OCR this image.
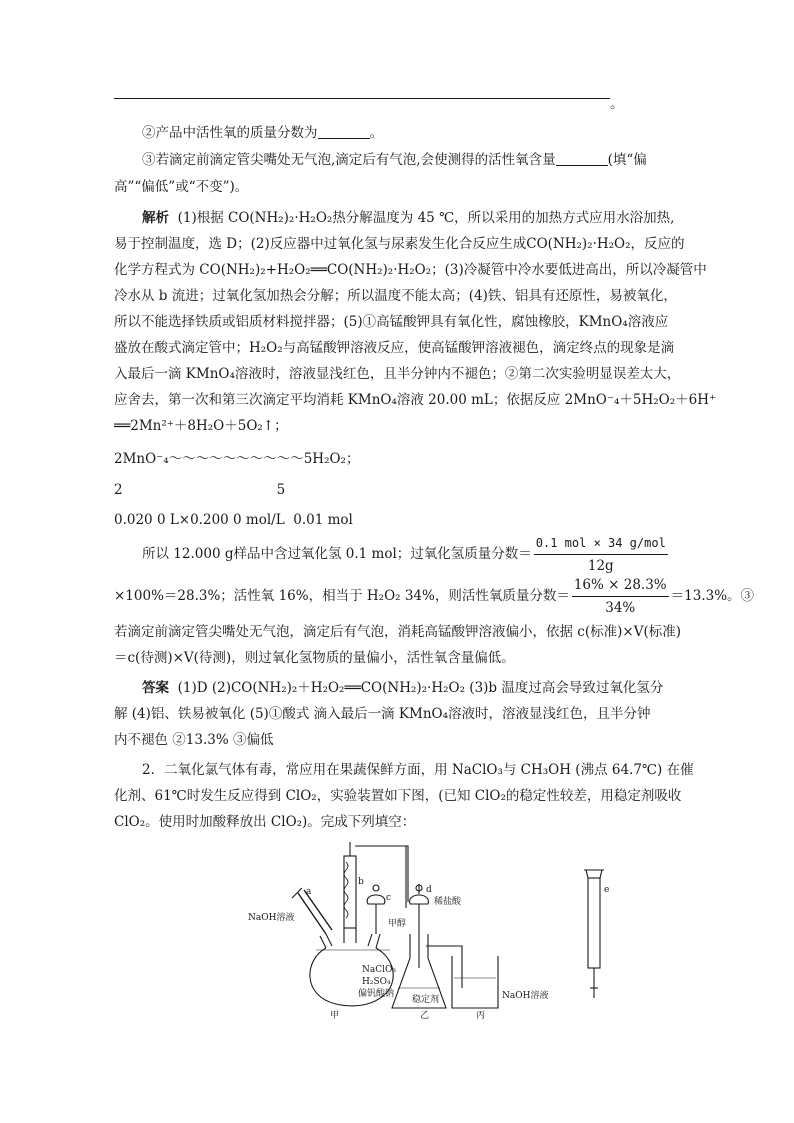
。
②产品中活性氧的质量分数为	。
③若滴定前滴定管尖嘴处无气泡,滴定后有气泡,会使测得的活性氧含量	(填“偏
高”“偏低”或“不变”)。
解析 (1)根据 CO(NH₂)₂·H₂O₂热分解温度为 45 ℃，所以采用的加热方式应用水浴加热,
易于控制温度，选 D；(2)反应器中过氧化氢与尿素发生化合反应生成CO(NH₂)₂·H₂O₂，反应的
化学方程式为 CO(NH₂)₂+H₂O₂══CO(NH₂)₂·H₂O₂；(3)冷凝管中冷水要低进高出，所以冷凝管中
冷水从 b 流进；过氧化氢加热会分解；所以温度不能太高；(4)铁、铝具有还原性，易被氧化，
所以不能选择铁质或铝质材料搅拌器；(5)①高锰酸钾具有氧化性，腐蚀橡胶，KMnO₄溶液应
盛放在酸式滴定管中；H₂O₂与高锰酸钾溶液反应，使高锰酸钾溶液褪色，滴定终点的现象是滴
入最后一滴 KMnO₄溶液时，溶液显浅红色，且半分钟内不褪色；②第二次实验明显误差太大，
应舍去，第一次和第三次滴定平均消耗 KMnO₄溶液 20.00 mL；依据反应 2MnO⁻₄＋5H₂O₂＋6H⁺
══2Mn²⁺＋8H₂O＋5O₂↑；
2MnO⁻₄～～～～～～～～～～5H₂O₂；
2	5
0.020 0 L×0.200 0 mol/L 0.01 mol
所以 12.000 g样品中含过氧化氢 0.1 mol；过氧化氢质量分数＝ $\frac{\text{0.1 mol × 34 g/mol}}{12g}$
×100%＝28.3%；活性氧 16%，相当于 H₂O₂ 34%，则活性氧质量分数＝ $\frac{16\% \times 28.3\%}{34\%} =13.3\%$。③
若滴定前滴定管尖嘴处无气泡，滴定后有气泡，消耗高锰酸钾溶液偏小，依据 c(标准)×V(标准)
＝c(待测)×V(待测)，则过氧化氢物质的量偏小，活性氧含量偏低。
答案 (1)D (2)CO(NH₂)₂＋H₂O₂══CO(NH₂)₂·H₂O₂ (3)b 温度过高会导致过氧化氢分
解 (4)铝、铁易被氧化 (5)①酸式 滴入最后一滴 KMnO₄溶液时，溶液显浅红色，且半分钟
内不褪色 ②13.3% ③偏低
2．二氧化氯气体有毒，常应用在果蔬保鲜方面，用 NaClO₃与 CH₃OH (沸点 64.7℃) 在催
化剂、61℃时发生反应得到 ClO₂，实验装置如下图，(已知 ClO₂的稳定性较差，用稳定剂吸收
ClO₂。使用时加酸释放出 ClO₂)。完成下列填空：
NaOH溶液
a
b
c
d	e
甲醇
稀盐酸
NaClO₃
H₂SO₄
偏钒酸钠
稳定剂	NaOH溶液
甲	乙	丙
